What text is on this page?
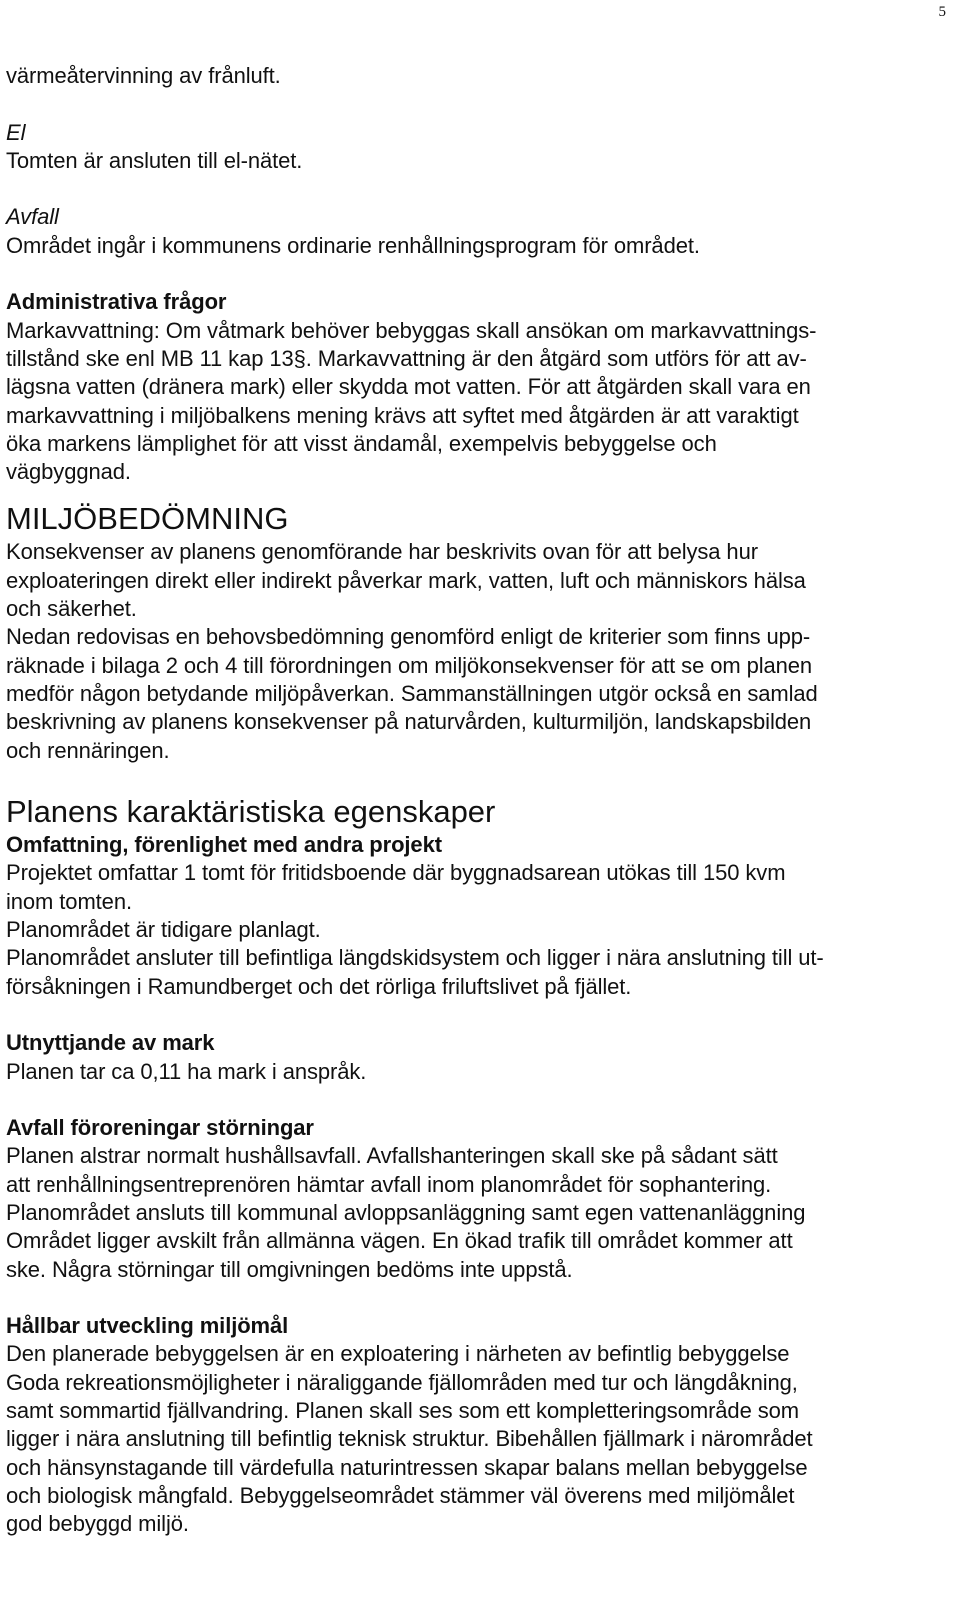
5
värmeåtervinning av frånluft.
El
Tomten är ansluten till el-nätet.
Avfall
Området ingår i kommunens ordinarie renhållningsprogram för området.
Administrativa frågor
Markavvattning: Om våtmark behöver bebyggas skall ansökan om markavvattnings-
tillstånd ske enl MB 11 kap 13§. Markavvattning är den åtgärd som utförs för att av-
lägsna vatten (dränera mark) eller skydda mot vatten. För att åtgärden skall vara en
markavvattning i miljöbalkens mening krävs att syftet med åtgärden är att varaktigt
öka markens lämplighet för att visst ändamål, exempelvis bebyggelse och
vägbyggnad.
MILJÖBEDÖMNING
Konsekvenser av planens genomförande har beskrivits ovan för att belysa hur
exploateringen direkt eller indirekt påverkar mark, vatten, luft och människors hälsa
och säkerhet.
Nedan redovisas en behovsbedömning genomförd enligt de kriterier som finns upp-
räknade i bilaga 2 och 4 till förordningen om miljökonsekvenser för att se om planen
medför någon betydande miljöpåverkan. Sammanställningen utgör också en samlad
beskrivning av planens konsekvenser på naturvården, kulturmiljön, landskapsbilden
och rennäringen.
Planens karaktäristiska egenskaper
Omfattning, förenlighet med andra projekt
Projektet omfattar 1 tomt för fritidsboende där byggnadsarean utökas till 150 kvm
inom tomten.
Planområdet är tidigare planlagt.
Planområdet ansluter till befintliga längdskidsystem och ligger i nära anslutning till ut-
försåkningen i Ramundberget och det rörliga friluftslivet på fjället.
Utnyttjande av mark
Planen tar ca 0,11 ha mark i anspråk.
Avfall föroreningar störningar
Planen alstrar normalt hushållsavfall. Avfallshanteringen skall ske på sådant sätt
att renhållningsentreprenören hämtar avfall inom planområdet för sophantering.
Planområdet ansluts till kommunal avloppsanläggning samt egen vattenanläggning
Området ligger avskilt från allmänna vägen. En ökad trafik till området kommer att
ske. Några störningar till omgivningen bedöms inte uppstå.
Hållbar utveckling miljömål
Den planerade bebyggelsen är en exploatering i närheten av befintlig bebyggelse
Goda rekreationsmöjligheter i näraliggande fjällområden med tur och längdåkning,
samt sommartid fjällvandring. Planen skall ses som ett kompletteringsområde som
ligger i nära anslutning till befintlig teknisk struktur. Bibehållen fjällmark i närområdet
och hänsynstagande till värdefulla naturintressen skapar balans mellan bebyggelse
och biologisk mångfald. Bebyggelseområdet stämmer väl överens med miljömålet
god bebyggd miljö.
